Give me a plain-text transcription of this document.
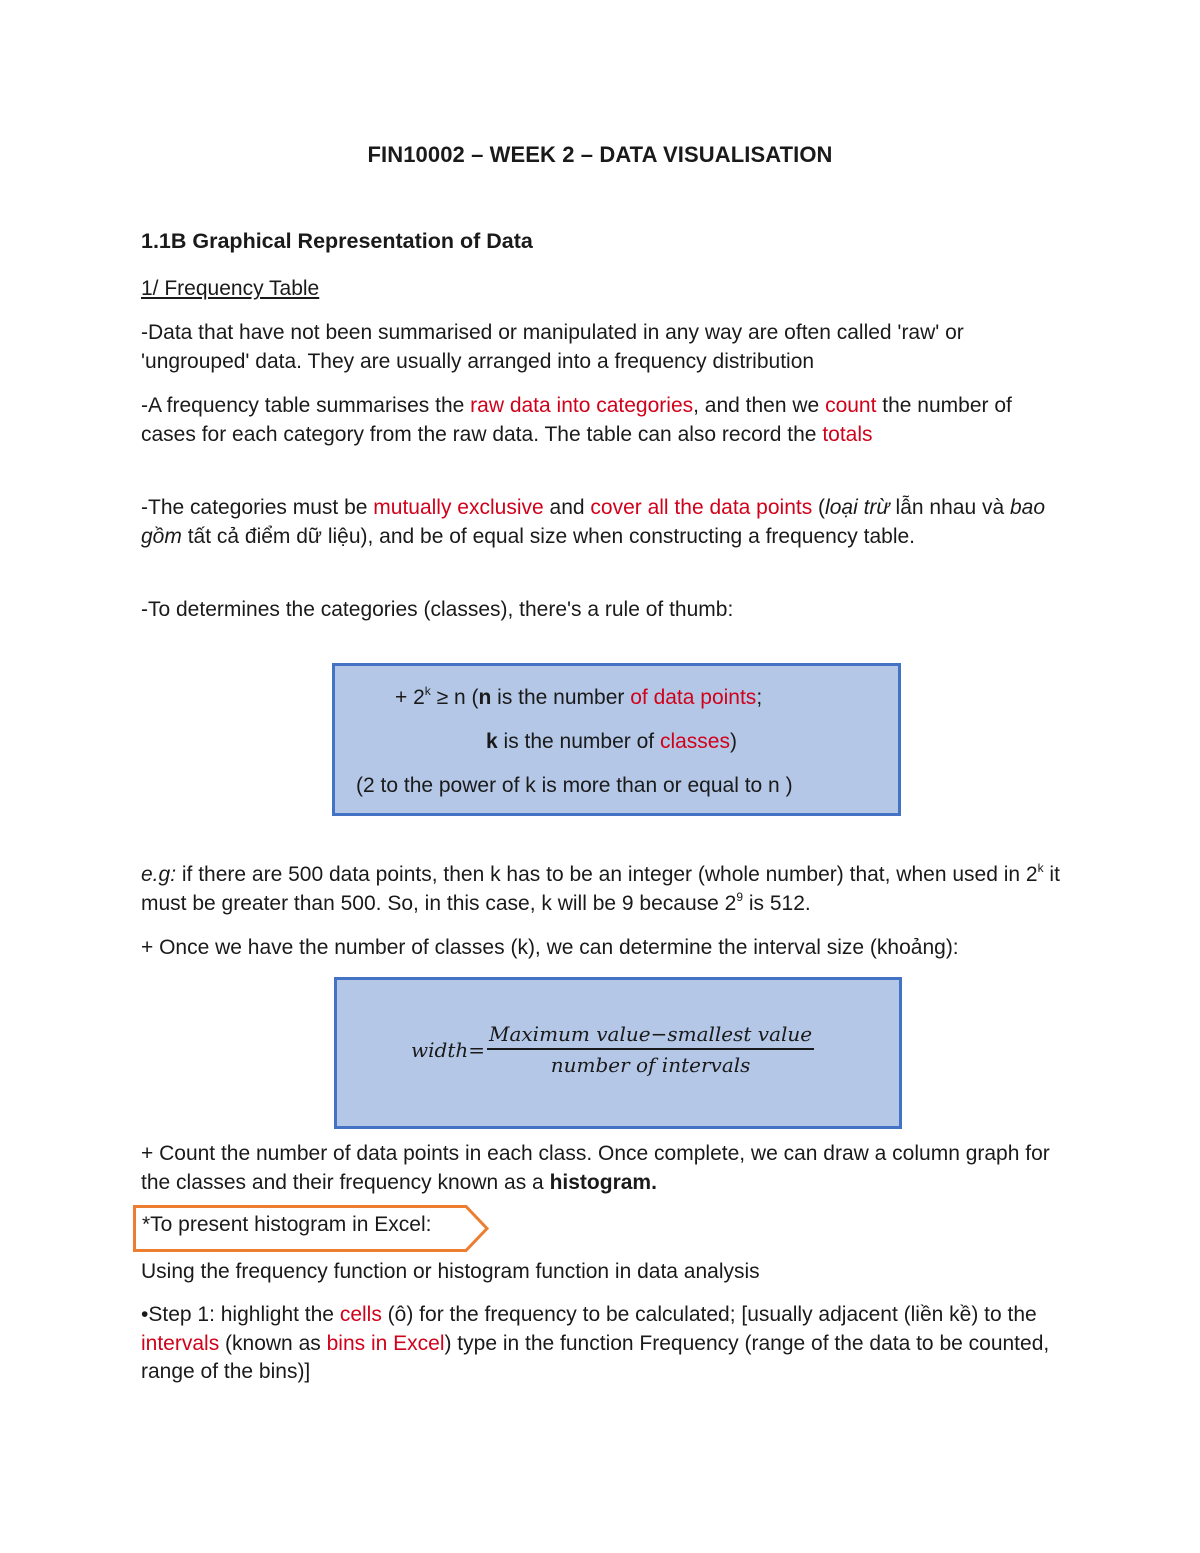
FIN10002 – WEEK 2 – DATA VISUALISATION
1.1B Graphical Representation of Data

1/ Frequency Table

-Data that have not been summarised or manipulated in any way are often called 'raw' or 'ungrouped' data. They are usually arranged into a frequency distribution

-A frequency table summarises the raw data into categories, and then we count the number of cases for each category from the raw data. The table can also record the totals

-The categories must be mutually exclusive and cover all the data points (loại trừ lẫn nhau và bao gồm tất cả điểm dữ liệu), and be of equal size when constructing a frequency table.

-To determines the categories (classes), there's a rule of thumb:

+ $2^k \ge n$ (n is the number of data points;
k is the number of classes)
(2 to the power of k is more than or equal to n )

e.g: if there are 500 data points, then k has to be an integer (whole number) that, when used in 2$^k$ it must be greater than 500. So, in this case, k will be 9 because $2^9$ is 512.

+ Once we have the number of classes (k), we can determine the interval size (khoảng):

width= $\frac{\text{Maximum value−smallest value}}{\text{number of intervals}}$

+ Count the number of data points in each class. Once complete, we can draw a column graph for the classes and their frequency known as a histogram.

*To present histogram in Excel:

Using the frequency function or histogram function in data analysis

•Step 1: highlight the cells (ô) for the frequency to be calculated; [usually adjacent (liền kề) to the intervals (known as bins in Excel) type in the function Frequency (range of the data to be counted, range of the bins)]
